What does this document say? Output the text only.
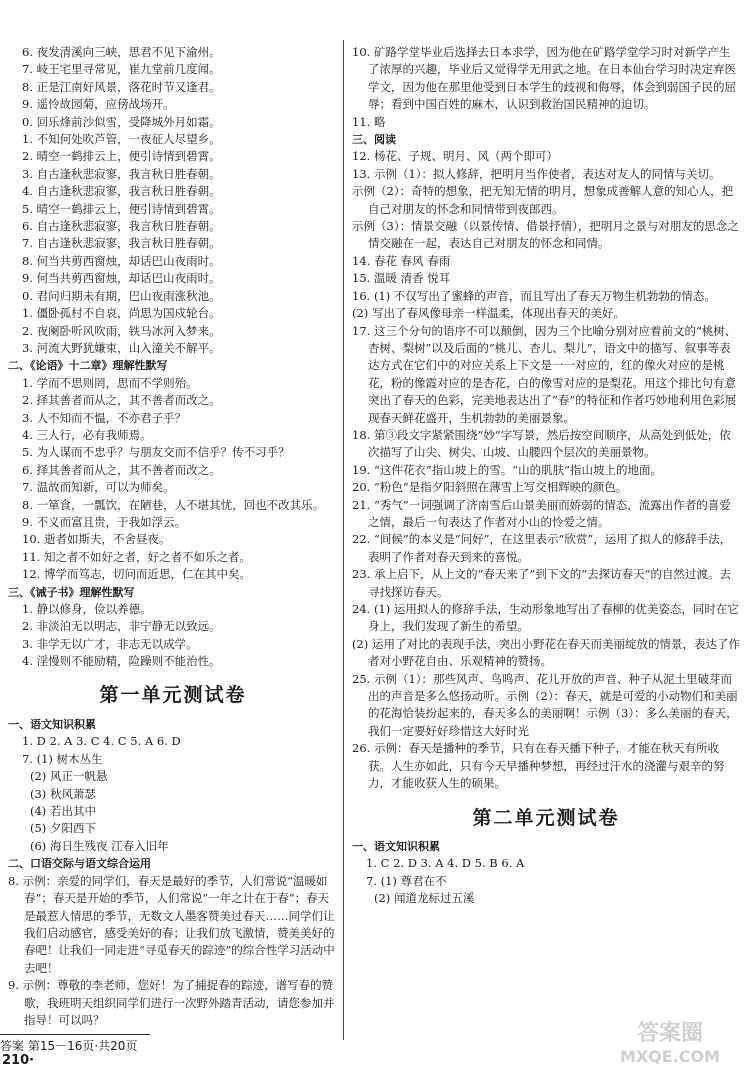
6. 夜发清溪向三峡，思君不见下渝州。
7. 岐王宅里寻常见，崔九堂前几度闻。
8. 正是江南好风景，落花时节又逢君。
9. 遥怜故园菊，应傍战场开。
0. 回乐烽前沙似雪，受降城外月如霜。
1. 不知何处吹芦管，一夜征人尽望乡。
2. 晴空一鹤排云上，便引诗情到碧霄。
3. 自古逢秋悲寂寥，我言秋日胜春朝。
4. 自古逢秋悲寂寥，我言秋日胜春朝。
5. 晴空一鹤排云上，便引诗情到碧霄。
6. 自古逢秋悲寂寥，我言秋日胜春朝。
7. 自古逢秋悲寂寥，我言秋日胜春朝。
8. 何当共剪西窗烛，却话巴山夜雨时。
9. 何当共剪西窗烛，却话巴山夜雨时。
0. 君问归期未有期，巴山夜雨涨秋池。
1. 僵卧孤村不自哀，尚思为国戍轮台。
2. 夜阑卧听风吹雨，铁马冰河入梦来。
3. 河流大野犹嫌束，山入潼关不解平。
二、《论语》十二章》理解性默写
1. 学而不思则罔，思而不学则殆。
2. 择其善者而从之，其不善者而改之。
3. 人不知而不愠，不亦君子乎？
4. 三人行，必有我师焉。
5. 为人谋而不忠乎？与朋友交而不信乎？传不习乎？
6. 择其善者而从之，其不善者而改之。
7. 温故而知新，可以为师矣。
8. 一箪食，一瓢饮，在陋巷，人不堪其忧，回也不改其乐。
9. 不义而富且贵，于我如浮云。
10. 逝者如斯夫，不舍昼夜。
11. 知之者不如好之者，好之者不如乐之者。
12. 博学而笃志，切问而近思，仁在其中矣。
三、《诫子书》理解性默写
1. 静以修身，俭以养德。
2. 非淡泊无以明志，非宁静无以致远。
3. 非学无以广才，非志无以成学。
4. 淫慢则不能励精，险躁则不能治性。
第一单元测试卷
一、语文知识积累
1. D 2. A 3. C 4. C 5. A 6. D
7. (1) 树木丛生
(2) 风正一帆悬
(3) 秋风萧瑟
(4) 若出其中
(5) 夕阳西下
(6) 海日生残夜 江春入旧年
二、口语交际与语文综合运用
8. 示例：亲爱的同学们，春天是最好的季节，人们常说“温暖如春”；春天是开始的季节，人们常说“一年之计在于春”；春天是最惹人情思的季节，无数文人墨客赞美过春天……同学们让我们启动感官，感受美好的春；让我们放飞激情，赞美美好的春吧！让我们一同走进“寻觅春天的踪迹”的综合性学习活动中去吧！
9. 示例：尊敬的李老师，您好！为了捕捉春的踪迹，谱写春的赞歌，我班明天组织同学们进行一次野外踏青活动，请您参加并指导！可以吗？
10. 矿路学堂毕业后选择去日本求学，因为他在矿路学堂学习时对新学产生了浓厚的兴趣，毕业后又觉得学无用武之地。在日本仙台学习时决定弃医学文，因为他在那里他受到日本学生的歧视和侮辱，体会到弱国子民的屈辱；看到中国百姓的麻木，认识到救治国民精神的迫切。
11. 略
三、阅读
12. 杨花、子规、明月、风（两个即可）
13. 示例（1）：拟人修辞，把明月当作使者，表达对友人的同情与关切。
示例（2）：奇特的想象，把无知无情的明月，想象成善解人意的知心人，把自己对朋友的怀念和同情带到夜郎西。
示例（3）：情景交融（以景传情、借景抒情），把明月之景与对朋友的思念之情交融在一起，表达自己对朋友的怀念和同情。
14. 春花 春风 春雨
15. 温暖 清香 悦耳
16. (1) 不仅写出了蜜蜂的声音，而且写出了春天万物生机勃勃的情态。
(2) 写出了春风像母亲一样温柔，体现出春天的美好。
17. 这三个分句的语序不可以颠倒，因为三个比喻分别对应着前文的“桃树、杏树、梨树”以及后面的“桃儿、杏儿、梨儿”，语文中的描写、叙事等表达方式在它们中的对应关系上下文是一一对应的，红的像火对应的是桃花，粉的像霞对应的是杏花，白的像雪对应的是梨花。用这个排比句有意突出了春天的色彩，完美地表达出了“春”的特征和作者巧妙地利用色彩展现春天鲜花盛开，生机勃勃的美丽景象。
18. 第③段文字紧紧围绕“妙”字写景，然后按空间顺序，从高处到低处，依次描写了山尖、树尖、山坡、山腰四个层次的美丽景物。
19. “这件花衣”指山坡上的雪。“山的肌肤”指山坡上的地面。
20. “粉色”是指夕阳斜照在薄雪上写交相辉映的颜色。
21. “秀气”一词强调了济南雪后山景美丽而娇弱的情态，流露出作者的喜爱之情，最后一句表达了作者对小山的怜爱之情。
22. “间候”的本义是“问好”，在这里表示“欣赏”，运用了拟人的修辞手法，表明了作者对春天到来的喜悦。
23. 承上启下，从上文的“春天来了”到下文的“去探访春天”的自然过渡。去寻找探访春天。
24. (1) 运用拟人的修辞手法，生动形象地写出了春柳的优美姿态，同时在它身上，我们发现了新生的希望。
(2) 运用了对比的表现手法，突出小野花在春天而美丽绽放的情景，表达了作者对小野花自由、乐观精神的赞扬。
25. 示例（1）：那些风声、鸟鸣声、花儿开放的声音、种子从泥土里破芽而出的声音是多么悠扬动听。示例（2）：春天，就是可爱的小动物们和美丽的花海恰装扮起来的，春天多么的美丽啊！示例（3）：多么美丽的春天，我们一定要好好珍惜这大好时光
26. 示例：春天是播种的季节，只有在春天播下种子，才能在秋天有所收获。人生亦如此，只有今天早播种梦想，再经过汗水的浇灌与艰辛的努力，才能收获人生的硕果。
第二单元测试卷
一、语文知识积累
1. C 2. D 3. A 4. D 5. B 6. A
7. (1) 尊君在不
(2) 闻道龙标过五溪
答案 第15－16页·共20页
210·
答案圈
MXQE.COM
